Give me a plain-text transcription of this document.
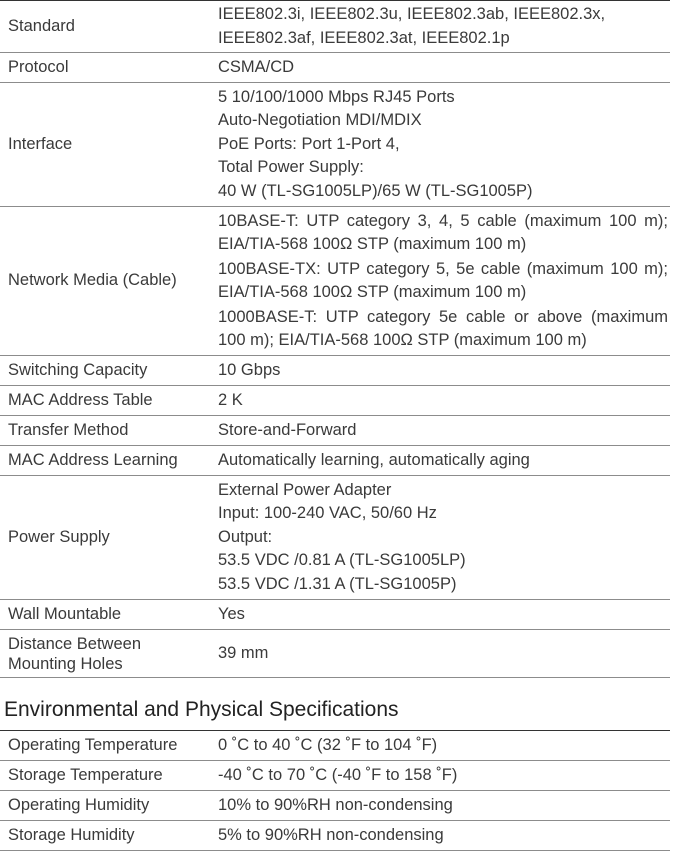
Standard	IEEE802.3i, IEEE802.3u, IEEE802.3ab, IEEE802.3x,
IEEE802.3af, IEEE802.3at, IEEE802.1p

Protocol	CSMA/CD
Interface	5 10/100/1000 Mbps RJ45 Ports
Auto-Negotiation MDI/MDIX
PoE Ports: Port 1-Port 4,
Total Power Supply:
40 W (TL-SG1005LP)/65 W (TL-SG1005P)

Network Media (Cable)	10BASE-T: UTP category 3, 4, 5 cable (maximum 100 m); EIA/TIA-568 100Ω STP (maximum 100 m)
100BASE-TX: UTP category 5, 5e cable (maximum 100 m); EIA/TIA-568 100Ω STP (maximum 100 m)
1000BASE-T: UTP category 5e cable or above (maximum 100 m); EIA/TIA-568 100Ω STP (maximum 100 m)

Switching Capacity	10 Gbps
MAC Address Table	2 K
Transfer Method	Store-and-Forward
MAC Address Learning	Automatically learning, automatically aging
Power Supply	External Power Adapter
Input: 100-240 VAC, 50/60 Hz
Output:
53.5 VDC /0.81 A (TL-SG1005LP)
53.5 VDC /1.31 A (TL-SG1005P)

Wall Mountable	Yes
Distance Between Mounting Holes	39 mm
Environmental and Physical Specifications
Operating Temperature	0 ˚C to 40 ˚C (32 ˚F to 104 ˚F)
Storage Temperature	-40 ˚C to 70 ˚C (-40 ˚F to 158 ˚F)
Operating Humidity	10% to 90%RH non-condensing
Storage Humidity	5% to 90%RH non-condensing
